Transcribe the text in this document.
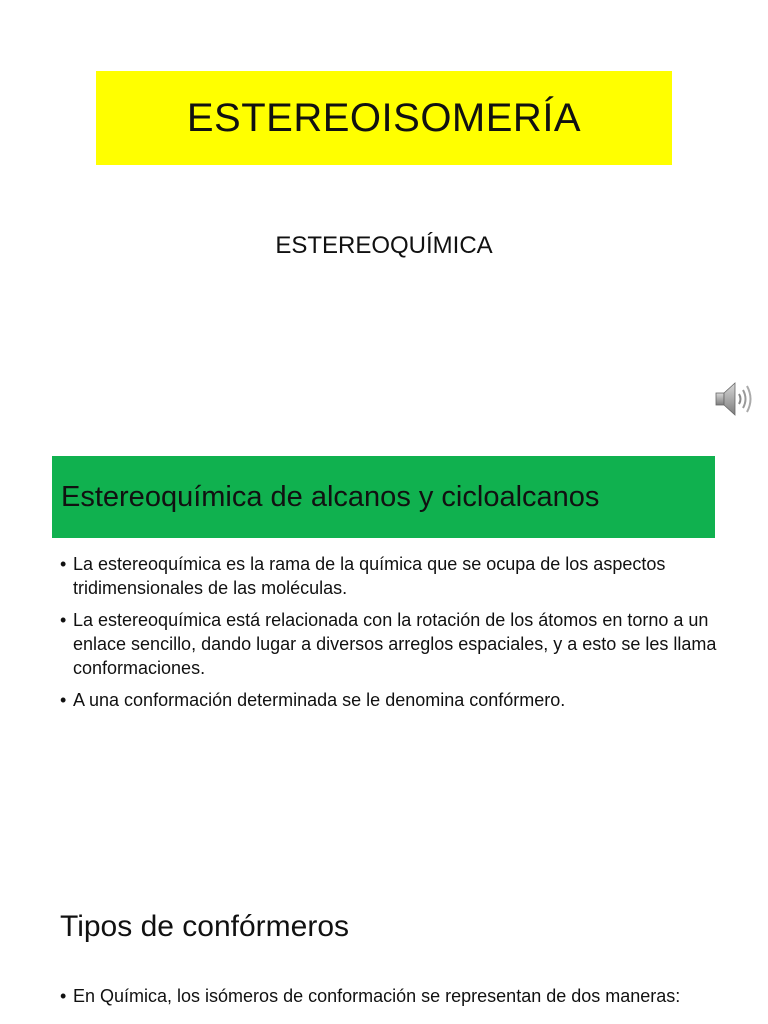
ESTEREOISOMERÍA
ESTEREOQUÍMICA
Estereoquímica de alcanos y cicloalcanos
• La estereoquímica es la rama de la química que se ocupa de los aspectos tridimensionales de las moléculas.
• La estereoquímica está relacionada con la rotación de los átomos en torno a un enlace sencillo, dando lugar a diversos arreglos espaciales, y a esto se les llama conformaciones.
• A una conformación determinada se le denomina confórmero.
Tipos de confórmeros
• En Química, los isómeros de conformación se representan de dos maneras:
